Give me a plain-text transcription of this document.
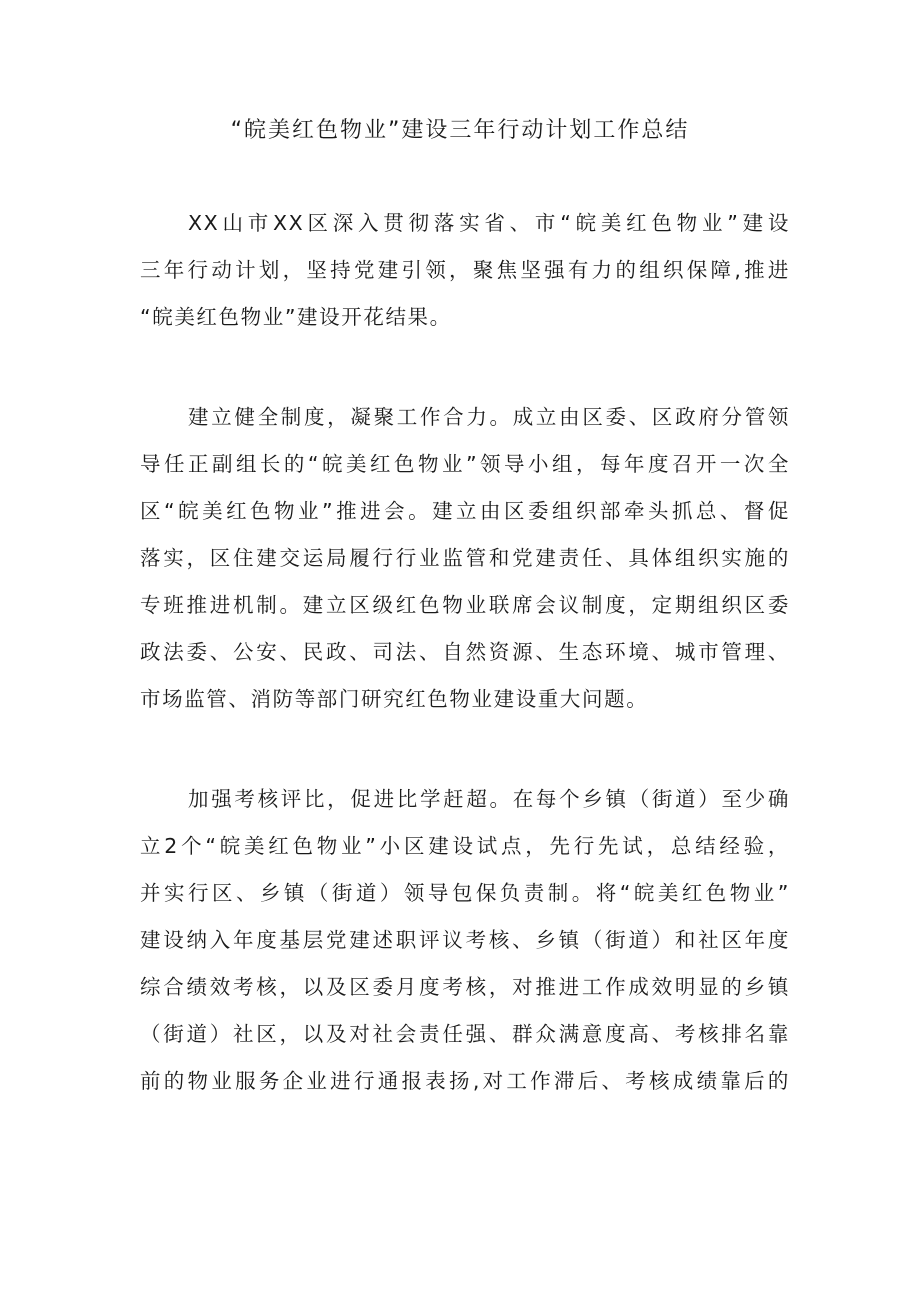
“皖美红色物业”建设三年行动计划工作总结
XX山市XX区深入贯彻落实省、市“皖美红色物业”建设
三年行动计划，坚持党建引领，聚焦坚强有力的组织保障,推进
“皖美红色物业”建设开花结果。
建立健全制度，凝聚工作合力。成立由区委、区政府分管领
导任正副组长的“皖美红色物业”领导小组，每年度召开一次全
区“皖美红色物业”推进会。建立由区委组织部牵头抓总、督促
落实，区住建交运局履行行业监管和党建责任、具体组织实施的
专班推进机制。建立区级红色物业联席会议制度，定期组织区委
政法委、公安、民政、司法、自然资源、生态环境、城市管理、
市场监管、消防等部门研究红色物业建设重大问题。
加强考核评比，促进比学赶超。在每个乡镇（街道）至少确
立2个“皖美红色物业”小区建设试点，先行先试，总结经验，
并实行区、乡镇（街道）领导包保负责制。将“皖美红色物业”
建设纳入年度基层党建述职评议考核、乡镇（街道）和社区年度
综合绩效考核，以及区委月度考核，对推进工作成效明显的乡镇
（街道）社区，以及对社会责任强、群众满意度高、考核排名靠
前的物业服务企业进行通报表扬,对工作滞后、考核成绩靠后的
